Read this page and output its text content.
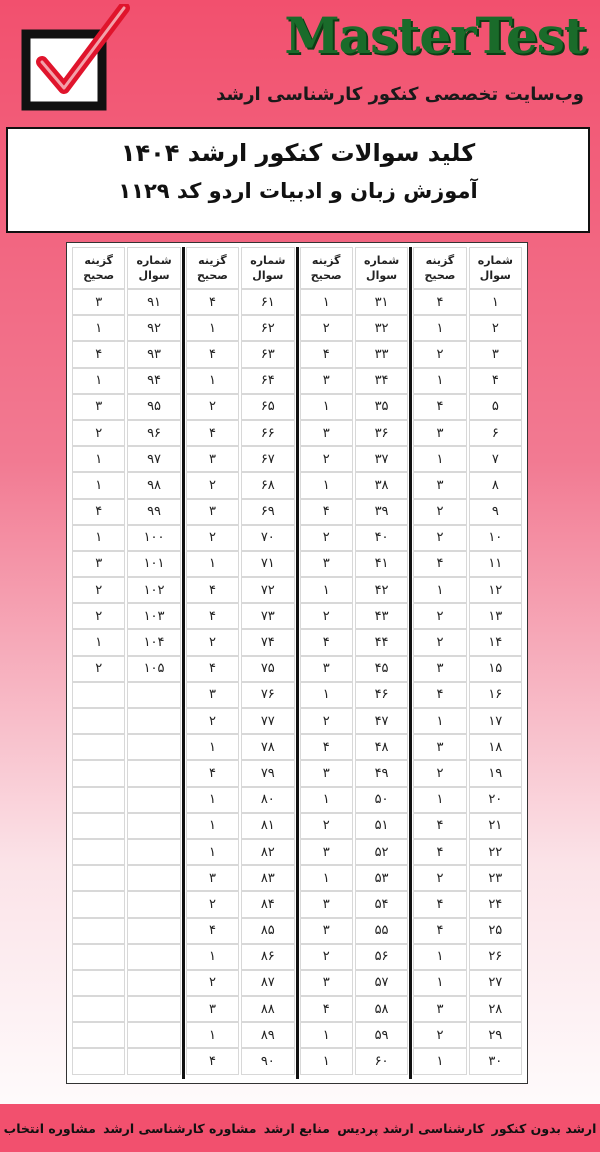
MasterTest
وب‌سایت تخصصی کنکور کارشناسی ارشد
کلید سوالات کنکور ارشد ۱۴۰۴
آموزش زبان و ادبیات اردو کد ۱۱۲۹
شماره
سوال
گزینه
صحیح
۱
۴
۲
۱
۳
۲
۴
۱
۵
۴
۶
۳
۷
۱
۸
۳
۹
۲
۱۰
۲
۱۱
۴
۱۲
۱
۱۳
۲
۱۴
۲
۱۵
۳
۱۶
۴
۱۷
۱
۱۸
۳
۱۹
۲
۲۰
۱
۲۱
۴
۲۲
۴
۲۳
۲
۲۴
۴
۲۵
۴
۲۶
۱
۲۷
۱
۲۸
۳
۲۹
۲
۳۰
۱
شماره
سوال
گزینه
صحیح
۳۱
۱
۳۲
۲
۳۳
۴
۳۴
۳
۳۵
۱
۳۶
۳
۳۷
۲
۳۸
۱
۳۹
۴
۴۰
۲
۴۱
۳
۴۲
۱
۴۳
۲
۴۴
۴
۴۵
۳
۴۶
۱
۴۷
۲
۴۸
۴
۴۹
۳
۵۰
۱
۵۱
۲
۵۲
۳
۵۳
۱
۵۴
۳
۵۵
۳
۵۶
۲
۵۷
۳
۵۸
۴
۵۹
۱
۶۰
۱
شماره
سوال
گزینه
صحیح
۶۱
۴
۶۲
۱
۶۳
۴
۶۴
۱
۶۵
۲
۶۶
۴
۶۷
۳
۶۸
۲
۶۹
۳
۷۰
۲
۷۱
۱
۷۲
۴
۷۳
۴
۷۴
۲
۷۵
۴
۷۶
۳
۷۷
۲
۷۸
۱
۷۹
۴
۸۰
۱
۸۱
۱
۸۲
۱
۸۳
۳
۸۴
۲
۸۵
۴
۸۶
۱
۸۷
۲
۸۸
۳
۸۹
۱
۹۰
۴
شماره
سوال
گزینه
صحیح
۹۱
۳
۹۲
۱
۹۳
۴
۹۴
۱
۹۵
۳
۹۶
۲
۹۷
۱
۹۸
۱
۹۹
۴
۱۰۰
۱
۱۰۱
۳
۱۰۲
۲
۱۰۳
۲
۱۰۴
۱
۱۰۵
۲
ارشد بدون کنکور
کارشناسی ارشد پردیس
منابع ارشد
مشاوره کارشناسی ارشد
مشاوره انتخاب
